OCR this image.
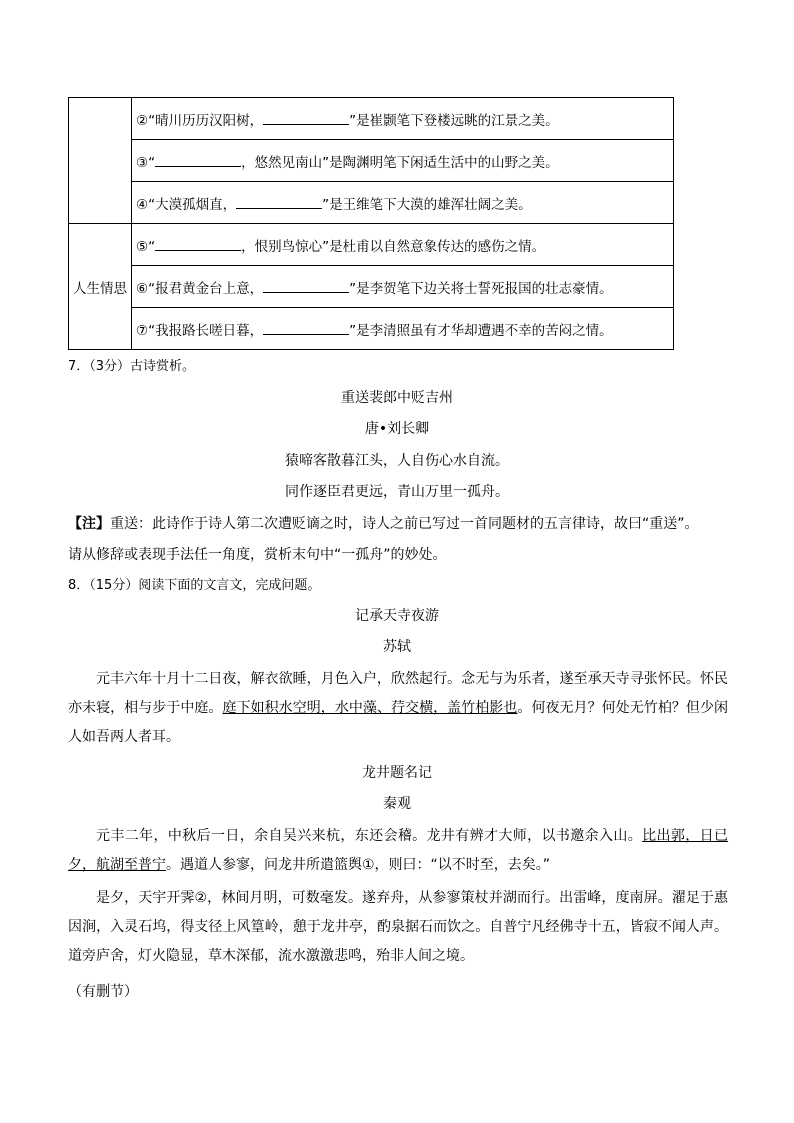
	②“晴川历历汉阳树， ”是崔颢笔下登楼远眺的江景之美。
	③“ ，悠然见南山”是陶渊明笔下闲适生活中的山野之美。
	④“大漠孤烟直， ”是王维笔下大漠的雄浑壮阔之美。
人生情思	⑤“ ，恨别鸟惊心”是杜甫以自然意象传达的感伤之情。
	⑥“报君黄金台上意， ”是李贺笔下边关将士誓死报国的壮志豪情。
	⑦“我报路长嗟日暮， ”是李清照虽有才华却遭遇不幸的苦闷之情。
7．（3分）古诗赏析。
重送裴郎中贬吉州
唐•刘长卿
猿啼客散暮江头，人自伤心水自流。
同作逐臣君更远，青山万里一孤舟。
【注】重送：此诗作于诗人第二次遭贬谪之时，诗人之前已写过一首同题材的五言律诗，故曰“重送”。
请从修辞或表现手法任一角度，赏析末句中“一孤舟”的妙处。
8．（15分）阅读下面的文言文，完成问题。
记承天寺夜游
苏轼
元丰六年十月十二日夜，解衣欲睡，月色入户，欣然起行。念无与为乐者，遂至承天寺寻张怀民。怀民亦未寝，相与步于中庭。庭下如积水空明，水中藻、荇交横，盖竹柏影也。何夜无月？何处无竹柏？但少闲人如吾两人者耳。
龙井题名记
秦观
元丰二年，中秋后一日，余自吴兴来杭，东还会稽。龙井有辨才大师，以书邀余入山。比出郭，日已夕，航湖至普宁。遇道人参寥，问龙井所遣篮舆①，则曰：“以不时至，去矣。”
是夕，天宇开霁②，林间月明，可数毫发。遂弃舟，从参寥策杖并湖而行。出雷峰，度南屏。濯足于惠因涧，入灵石坞，得支径上风篁岭，憩于龙井亭，酌泉据石而饮之。自普宁凡经佛寺十五，皆寂不闻人声。道旁庐舍，灯火隐显，草木深郁，流水激激悲鸣，殆非人间之境。
（有删节）
